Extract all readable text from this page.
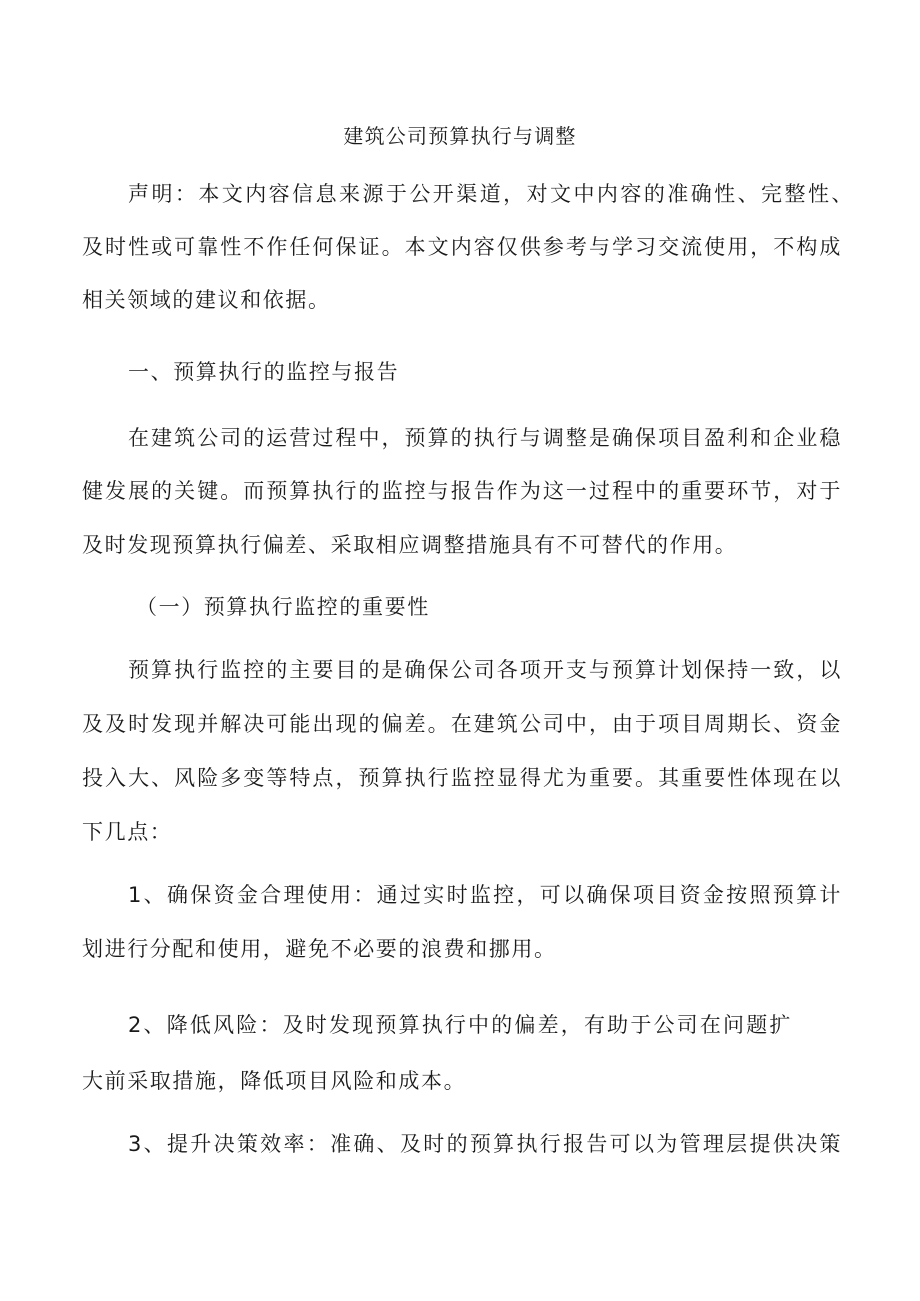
建筑公司预算执行与调整
声明：本文内容信息来源于公开渠道，对文中内容的准确性、完整性、
及时性或可靠性不作任何保证。本文内容仅供参考与学习交流使用，不构成
相关领域的建议和依据。
一、预算执行的监控与报告
在建筑公司的运营过程中，预算的执行与调整是确保项目盈利和企业稳
健发展的关键。而预算执行的监控与报告作为这一过程中的重要环节，对于
及时发现预算执行偏差、采取相应调整措施具有不可替代的作用。
（一）预算执行监控的重要性
预算执行监控的主要目的是确保公司各项开支与预算计划保持一致，以
及及时发现并解决可能出现的偏差。在建筑公司中，由于项目周期长、资金
投入大、风险多变等特点，预算执行监控显得尤为重要。其重要性体现在以
下几点：
1、确保资金合理使用：通过实时监控，可以确保项目资金按照预算计
划进行分配和使用，避免不必要的浪费和挪用。
2、降低风险：及时发现预算执行中的偏差，有助于公司在问题扩
大前采取措施，降低项目风险和成本。
3、提升决策效率：准确、及时的预算执行报告可以为管理层提供决策
